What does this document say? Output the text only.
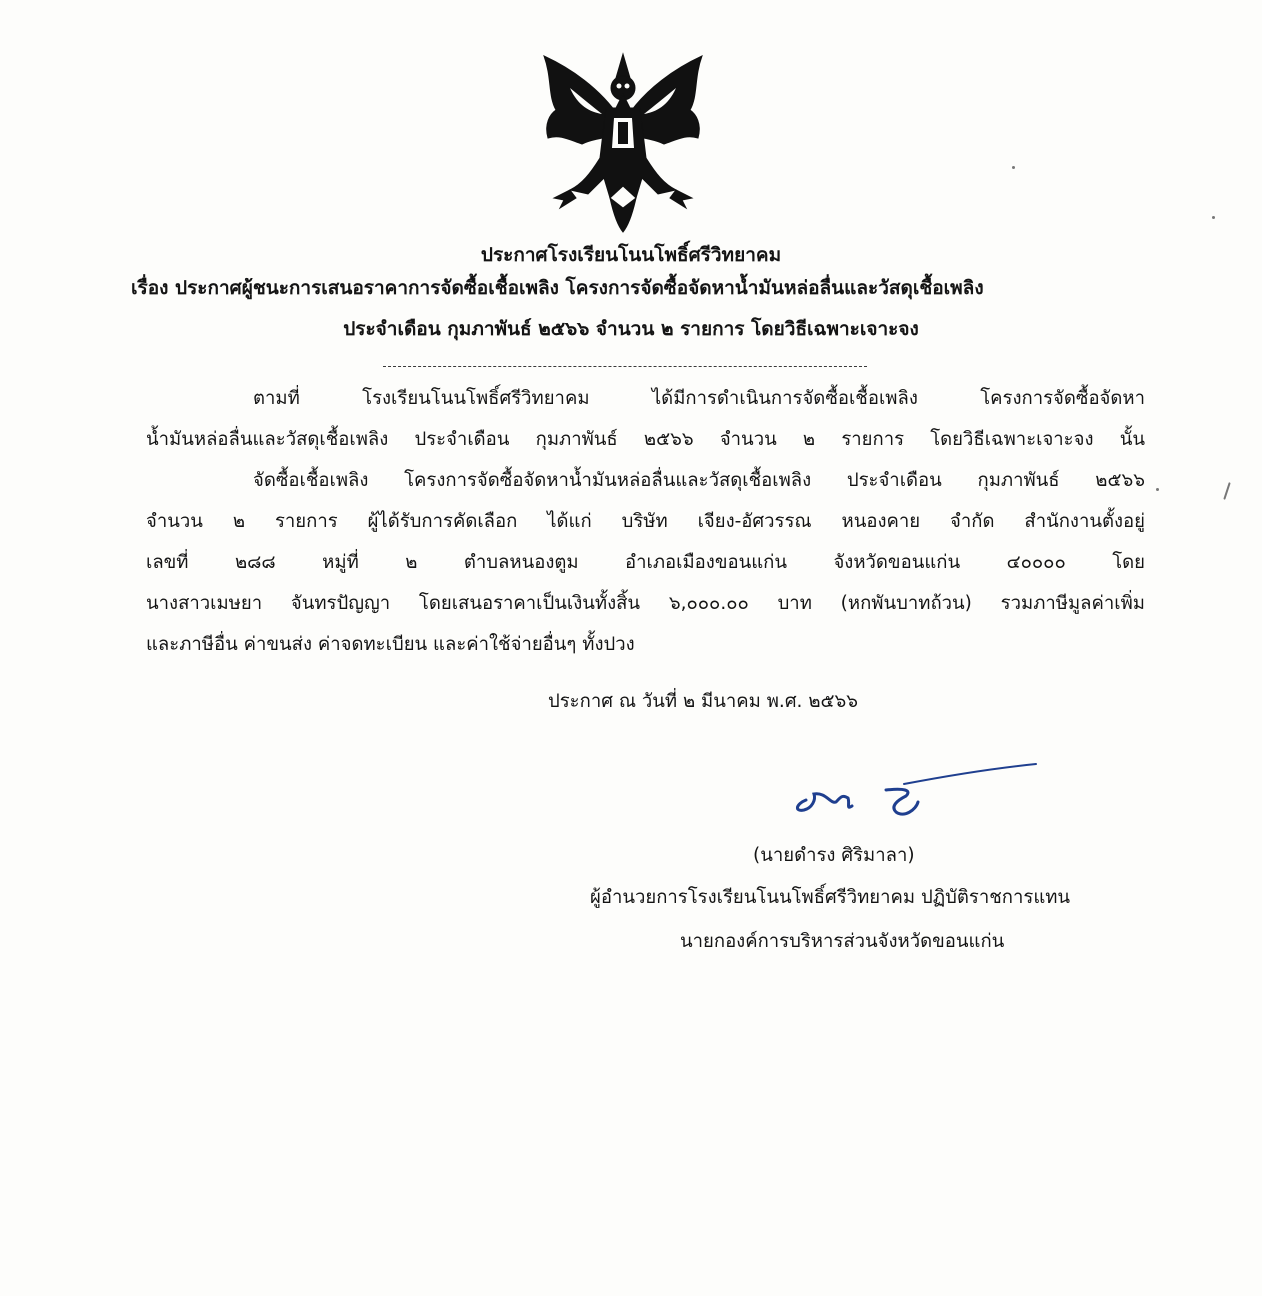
ประกาศโรงเรียนโนนโพธิ์ศรีวิทยาคม
เรื่อง ประกาศผู้ชนะการเสนอราคาการจัดซื้อเชื้อเพลิง โครงการจัดซื้อจัดหาน้ำมันหล่อลื่นและวัสดุเชื้อเพลิง
ประจำเดือน กุมภาพันธ์ ๒๕๖๖ จำนวน ๒ รายการ โดยวิธีเฉพาะเจาะจง
ตามที่ โรงเรียนโนนโพธิ์ศรีวิทยาคม ได้มีการดำเนินการจัดซื้อเชื้อเพลิง โครงการจัดซื้อจัดหา
น้ำมันหล่อลื่นและวัสดุเชื้อเพลิง ประจำเดือน กุมภาพันธ์ ๒๕๖๖ จำนวน ๒ รายการ โดยวิธีเฉพาะเจาะจง นั้น
จัดซื้อเชื้อเพลิง โครงการจัดซื้อจัดหาน้ำมันหล่อลื่นและวัสดุเชื้อเพลิง ประจำเดือน กุมภาพันธ์ ๒๕๖๖
จำนวน ๒ รายการ ผู้ได้รับการคัดเลือก ได้แก่ บริษัท เจียง-อัศวรรณ หนองคาย จำกัด สำนักงานตั้งอยู่
เลขที่ ๒๘๘ หมู่ที่ ๒ ตำบลหนองตูม อำเภอเมืองขอนแก่น จังหวัดขอนแก่น ๔๐๐๐๐ โดย
นางสาวเมษยา จันทรปัญญา โดยเสนอราคาเป็นเงินทั้งสิ้น ๖,๐๐๐.๐๐ บาท (หกพันบาทถ้วน) รวมภาษีมูลค่าเพิ่ม
และภาษีอื่น ค่าขนส่ง ค่าจดทะเบียน และค่าใช้จ่ายอื่นๆ ทั้งปวง
ประกาศ ณ วันที่ ๒ มีนาคม พ.ศ. ๒๕๖๖
(นายดำรง ศิริมาลา)
ผู้อำนวยการโรงเรียนโนนโพธิ์ศรีวิทยาคม ปฏิบัติราชการแทน
นายกองค์การบริหารส่วนจังหวัดขอนแก่น
